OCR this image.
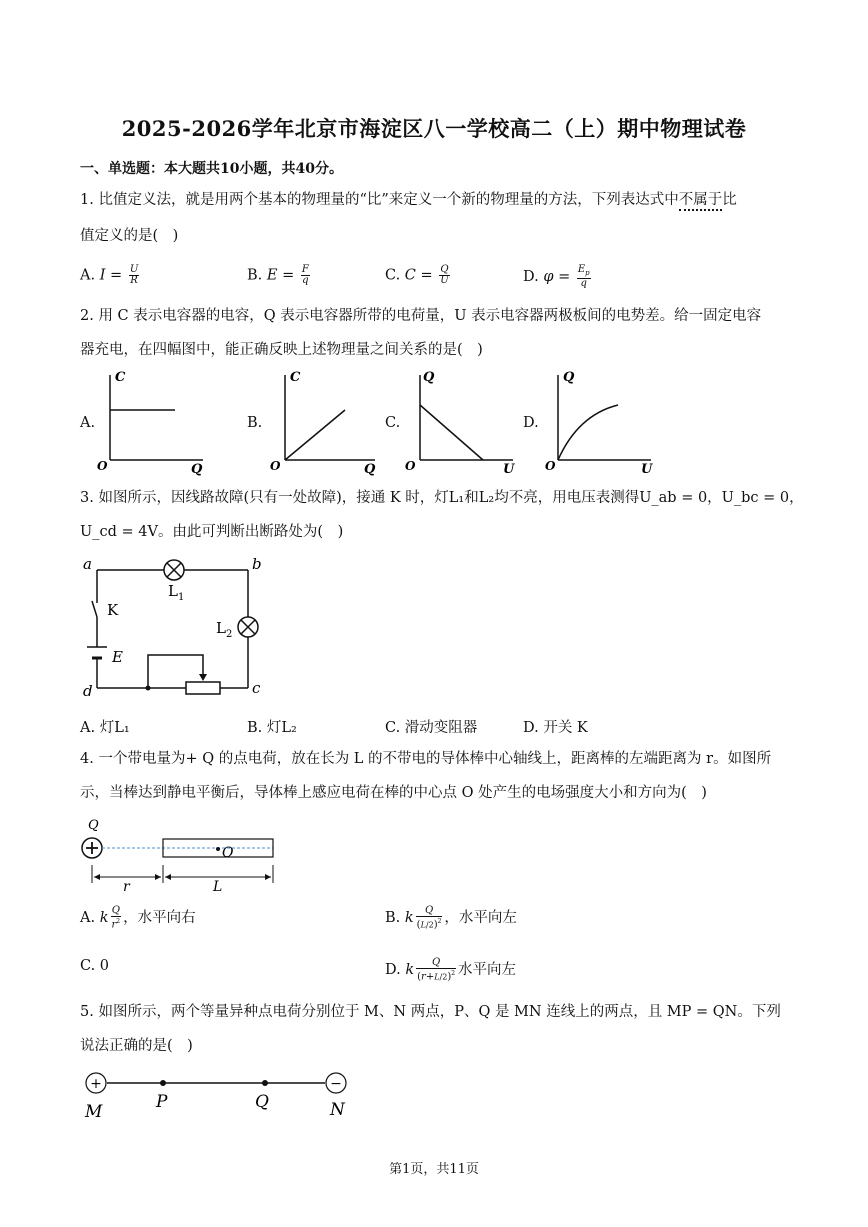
2025-2026学年北京市海淀区八一学校高二（上）期中物理试卷
一、单选题：本大题共10小题，共40分。
1. 比值定义法，就是用两个基本的物理量的“比”来定义一个新的物理量的方法，下列表达式中不属于比
值定义的是(　)
A. $I = \frac{U}{R}$	B. $E = \frac{F}{q}$	C. $C = \frac{Q}{U}$	D. $\varphi = \frac{E_p}{q}$
2. 用 C 表示电容器的电容，Q 表示电容器所带的电荷量，U 表示电容器两极板间的电势差。给一固定电容
器充电，在四幅图中，能正确反映上述物理量之间关系的是(　)
A.	B.	C.	D.
C
O	Q
C
O	Q
Q
O	U
Q
O	U
3. 如图所示，因线路故障(只有一处故障)，接通 K 时，灯L₁和L₂均不亮，用电压表测得U_ab = 0，U_bc = 0，
U_cd = 4V。由此可判断出断路处为(　)
a	b
c
d
K
E
$L_1$
$L_2$
A. 灯L₁	B. 灯L₂	C. 滑动变阻器	D. 开关 K
4. 一个带电量为+ Q 的点电荷，放在长为 L 的不带电的导体棒中心轴线上，距离棒的左端距离为 r。如图所
示，当棒达到静电平衡后，导体棒上感应电荷在棒的中心点 O 处产生的电场强度大小和方向为(　)
Q
O
r	L
A. k $\frac{Q}{r^2}$ ，水平向右	B. k $\frac{Q}{(L/2)^2}$ ，水平向左
C. 0	D. k $\frac{Q}{(r+L/2)^2}$ 水平向左
5. 如图所示，两个等量异种点电荷分别位于 M、N 两点，P、Q 是 MN 连线上的两点，且 MP = QN。下列
说法正确的是(　)
+	−
M	P	Q	N
第1页，共11页
